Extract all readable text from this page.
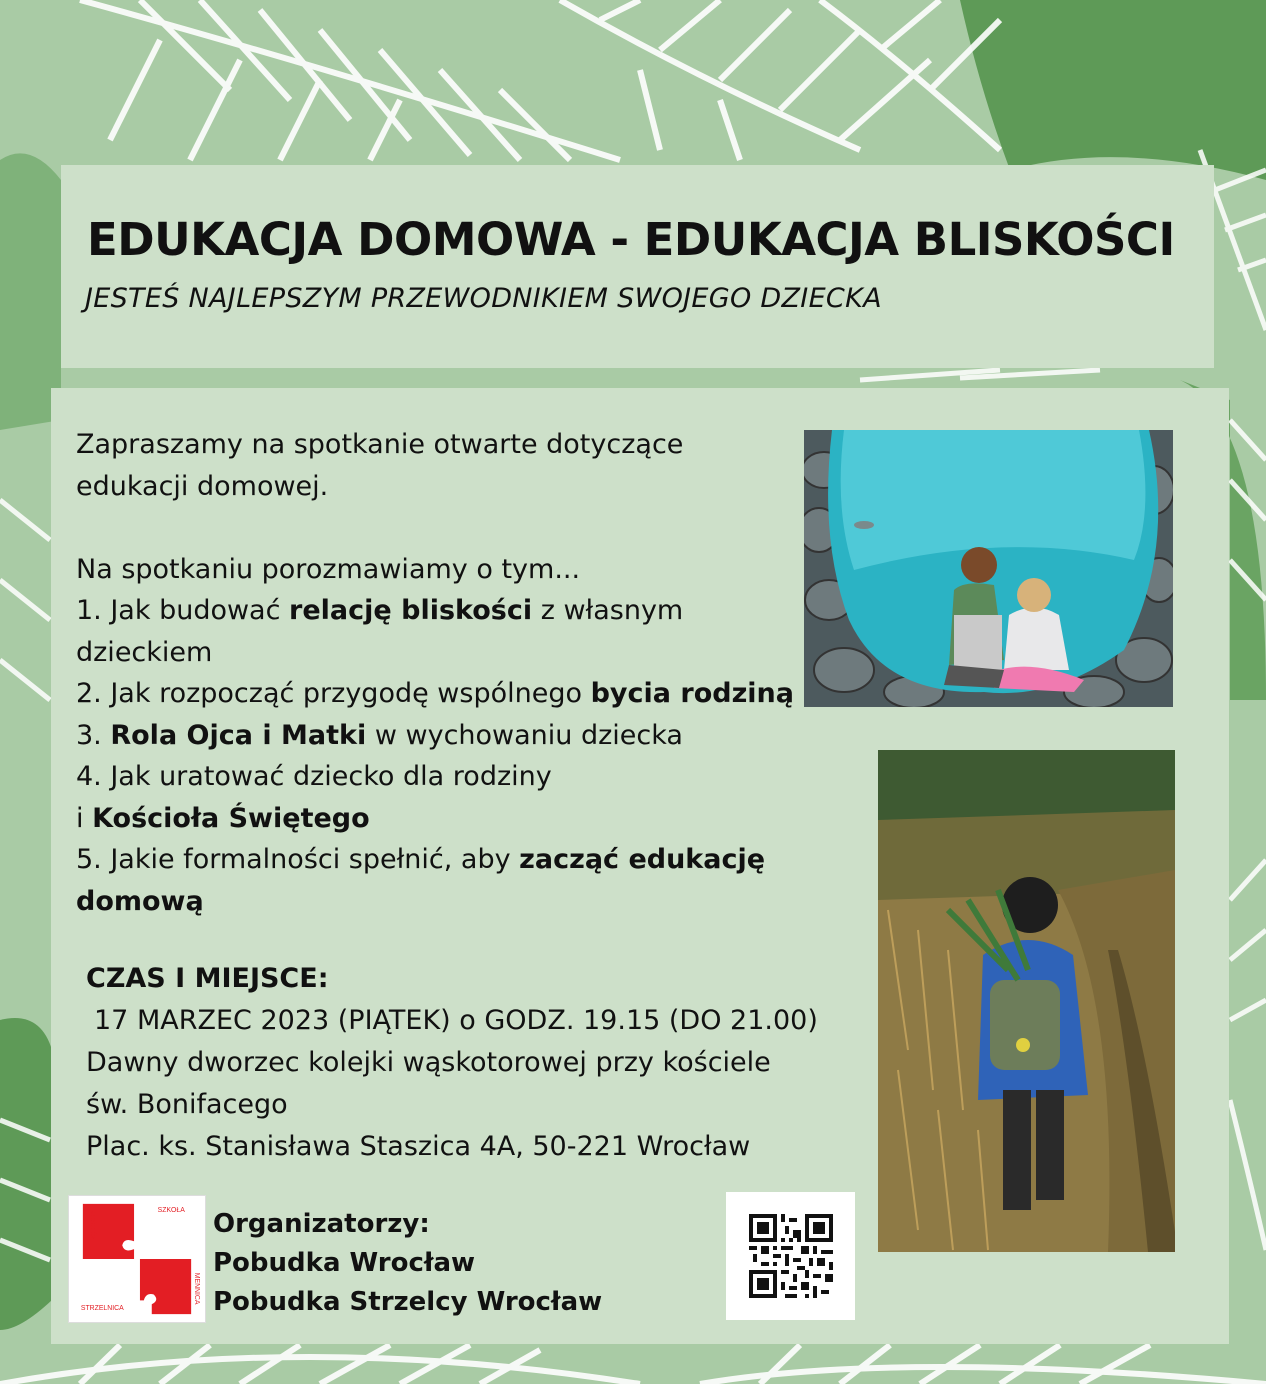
EDUKACJA DOMOWA - EDUKACJA BLISKOŚCI
JESTEŚ NAJLEPSZYM PRZEWODNIKIEM SWOJEGO DZIECKA

Zapraszamy na spotkanie otwarte dotyczące

edukacji domowej.

Na spotkaniu porozmawiamy o tym...

1. Jak budować relację bliskości z własnym

dzieckiem

2. Jak rozpocząć przygodę wspólnego bycia rodziną

3. Rola Ojca i Matki w wychowaniu dziecka

4. Jak uratować dziecko dla rodziny

i Kościoła Świętego

5. Jakie formalności spełnić, aby zacząć edukację

domową

CZAS I MIEJSCE:
17 MARZEC 2023 (PIĄTEK) o GODZ. 19.15 (DO 21.00)
Dawny dworzec kolejki wąskotorowej przy kościele
św. Bonifacego
Plac. ks. Stanisława Staszica 4A, 50-221 Wrocław
KOŚCIÓŁ	SZKOŁA
STRZELNICA
MENNICA
Organizatorzy:
Pobudka Wrocław
Pobudka Strzelcy Wrocław
